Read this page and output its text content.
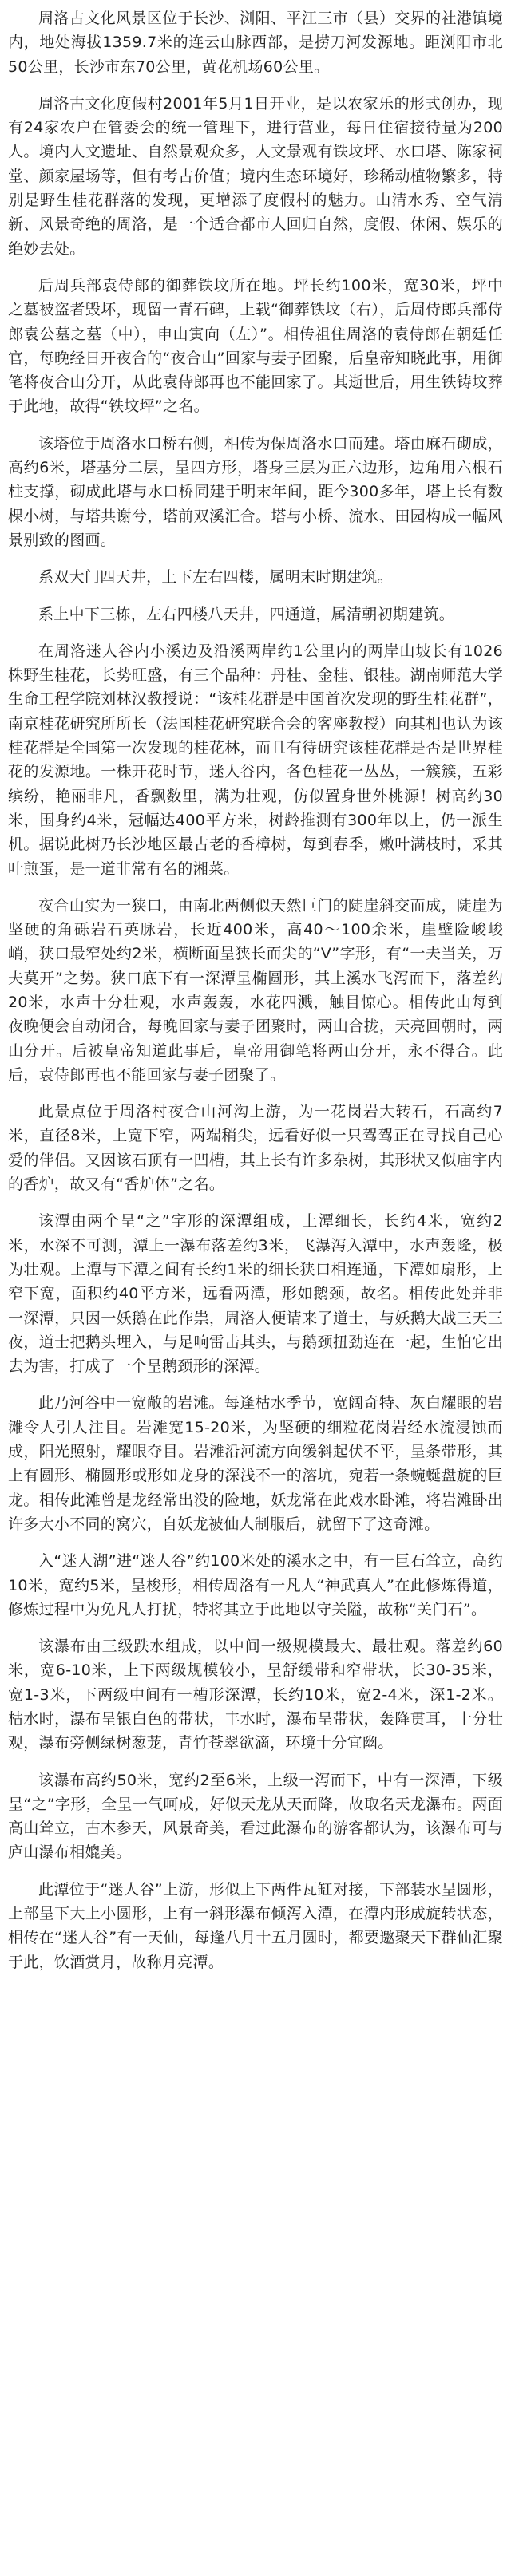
周洛古文化风景区位于长沙、浏阳、平江三市（县）交界的社港镇境内，地处海拔1359.7米的连云山脉西部，是捞刀河发源地。距浏阳市北50公里，长沙市东70公里，黄花机场60公里。

周洛古文化度假村2001年5月1日开业，是以农家乐的形式创办，现有24家农户在管委会的统一管理下，进行营业，每日住宿接待量为200人。境内人文遗址、自然景观众多，人文景观有铁坟坪、水口塔、陈家祠堂、颜家屋场等，但有考古价值；境内生态环境好，珍稀动植物繁多，特别是野生桂花群落的发现，更增添了度假村的魅力。山清水秀、空气清新、风景奇绝的周洛，是一个适合都市人回归自然，度假、休闲、娱乐的绝妙去处。

后周兵部袁侍郎的御葬铁坟所在地。坪长约100米，宽30米，坪中之墓被盗者毁坏，现留一青石碑，上载“御葬铁坟（右），后周侍郎兵部侍郎袁公墓之墓（中），申山寅向（左）”。相传祖住周洛的袁侍郎在朝廷任官，每晚经日开夜合的“夜合山”回家与妻子团聚，后皇帝知晓此事，用御笔将夜合山分开，从此袁侍郎再也不能回家了。其逝世后，用生铁铸坟葬于此地，故得“铁坟坪”之名。

该塔位于周洛水口桥右侧，相传为保周洛水口而建。塔由麻石砌成，高约6米，塔基分二层，呈四方形，塔身三层为正六边形，边角用六根石柱支撑，砌成此塔与水口桥同建于明末年间，距今300多年，塔上长有数棵小树，与塔共谢兮，塔前双溪汇合。塔与小桥、流水、田园构成一幅风景别致的图画。

系双大门四天井，上下左右四楼，属明末时期建筑。

系上中下三栋，左右四楼八天井，四通道，属清朝初期建筑。

在周洛迷人谷内小溪边及沿溪两岸约1公里内的两岸山坡长有1026株野生桂花，长势旺盛，有三个品种：丹桂、金桂、银桂。湖南师范大学生命工程学院刘林汉教授说：“该桂花群是中国首次发现的野生桂花群”，南京桂花研究所所长（法国桂花研究联合会的客座教授）向其相也认为该桂花群是全国第一次发现的桂花林，而且有待研究该桂花群是否是世界桂花的发源地。一株开花时节，迷人谷内，各色桂花一丛丛，一簇簇，五彩缤纷，艳丽非凡，香飘数里，满为壮观，仿似置身世外桃源！树高约30米，围身约4米，冠幅达400平方米，树龄推测有300年以上，仍一派生机。据说此树乃长沙地区最古老的香樟树，每到春季，嫩叶满枝时，采其叶煎蛋，是一道非常有名的湘菜。

夜合山实为一狭口，由南北两侧似天然巨门的陡崖斜交而成，陡崖为坚硬的角砾岩石英脉岩，长近400米，高40～100余米，崖壁险峻峻峭，狭口最窄处约2米，横断面呈狭长而尖的“V”字形，有“一夫当关，万夫莫开”之势。狭口底下有一深潭呈椭圆形，其上溪水飞泻而下，落差约20米，水声十分壮观，水声轰轰，水花四溅，触目惊心。相传此山每到夜晚便会自动闭合，每晚回家与妻子团聚时，两山合拢，天亮回朝时，两山分开。后被皇帝知道此事后，皇帝用御笔将两山分开，永不得合。此后，袁侍郎再也不能回家与妻子团聚了。

此景点位于周洛村夜合山河沟上游，为一花岗岩大转石，石高约7米，直径8米，上宽下窄，两端稍尖，远看好似一只驾驾正在寻找自己心爱的伴侣。又因该石顶有一凹槽，其上长有许多杂树，其形状又似庙宇内的香炉，故又有“香炉体”之名。

该潭由两个呈“之”字形的深潭组成，上潭细长，长约4米，宽约2米，水深不可测，潭上一瀑布落差约3米，飞瀑泻入潭中，水声轰隆，极为壮观。上潭与下潭之间有长约1米的细长狭口相连通，下潭如扇形，上窄下宽，面积约40平方米，远看两潭，形如鹅颈，故名。相传此处并非一深潭，只因一妖鹅在此作祟，周洛人便请来了道士，与妖鹅大战三天三夜，道士把鹅头埋入，与足响雷击其头，与鹅颈扭劲连在一起，生怕它出去为害，打成了一个呈鹅颈形的深潭。

此乃河谷中一宽敞的岩滩。每逢枯水季节，宽阔奇特、灰白耀眼的岩滩令人引人注目。岩滩宽15-20米，为坚硬的细粒花岗岩经水流浸蚀而成，阳光照射，耀眼夺目。岩滩沿河流方向缓斜起伏不平，呈条带形，其上有圆形、椭圆形或形如龙身的深浅不一的溶坑，宛若一条蜿蜒盘旋的巨龙。相传此滩曾是龙经常出没的险地，妖龙常在此戏水卧滩，将岩滩卧出许多大小不同的窝穴，自妖龙被仙人制服后，就留下了这奇滩。

入“迷人湖”进“迷人谷”约100米处的溪水之中，有一巨石耸立，高约10米，宽约5米，呈梭形，相传周洛有一凡人“神武真人”在此修炼得道，修炼过程中为免凡人打扰，特将其立于此地以守关隘，故称“关门石”。

该瀑布由三级跌水组成，以中间一级规模最大、最壮观。落差约60米，宽6-10米，上下两级规模较小，呈舒缓带和窄带状，长30-35米，宽1-3米，下两级中间有一槽形深潭，长约10米，宽2-4米，深1-2米。枯水时，瀑布呈银白色的带状，丰水时，瀑布呈带状，轰降贯耳，十分壮观，瀑布旁侧绿树葱茏，青竹苍翠欲滴，环境十分宜幽。

该瀑布高约50米，宽约2至6米，上级一泻而下，中有一深潭，下级呈“之”字形，全呈一气呵成，好似天龙从天而降，故取名天龙瀑布。两面高山耸立，古木参天，风景奇美，看过此瀑布的游客都认为，该瀑布可与庐山瀑布相媲美。

此潭位于“迷人谷”上游，形似上下两件瓦缸对接，下部装水呈圆形，上部呈下大上小圆形，上有一斜形瀑布倾泻入潭，在潭内形成旋转状态，相传在“迷人谷”有一天仙，每逢八月十五月圆时，都要邀聚天下群仙汇聚于此，饮酒赏月，故称月亮潭。
